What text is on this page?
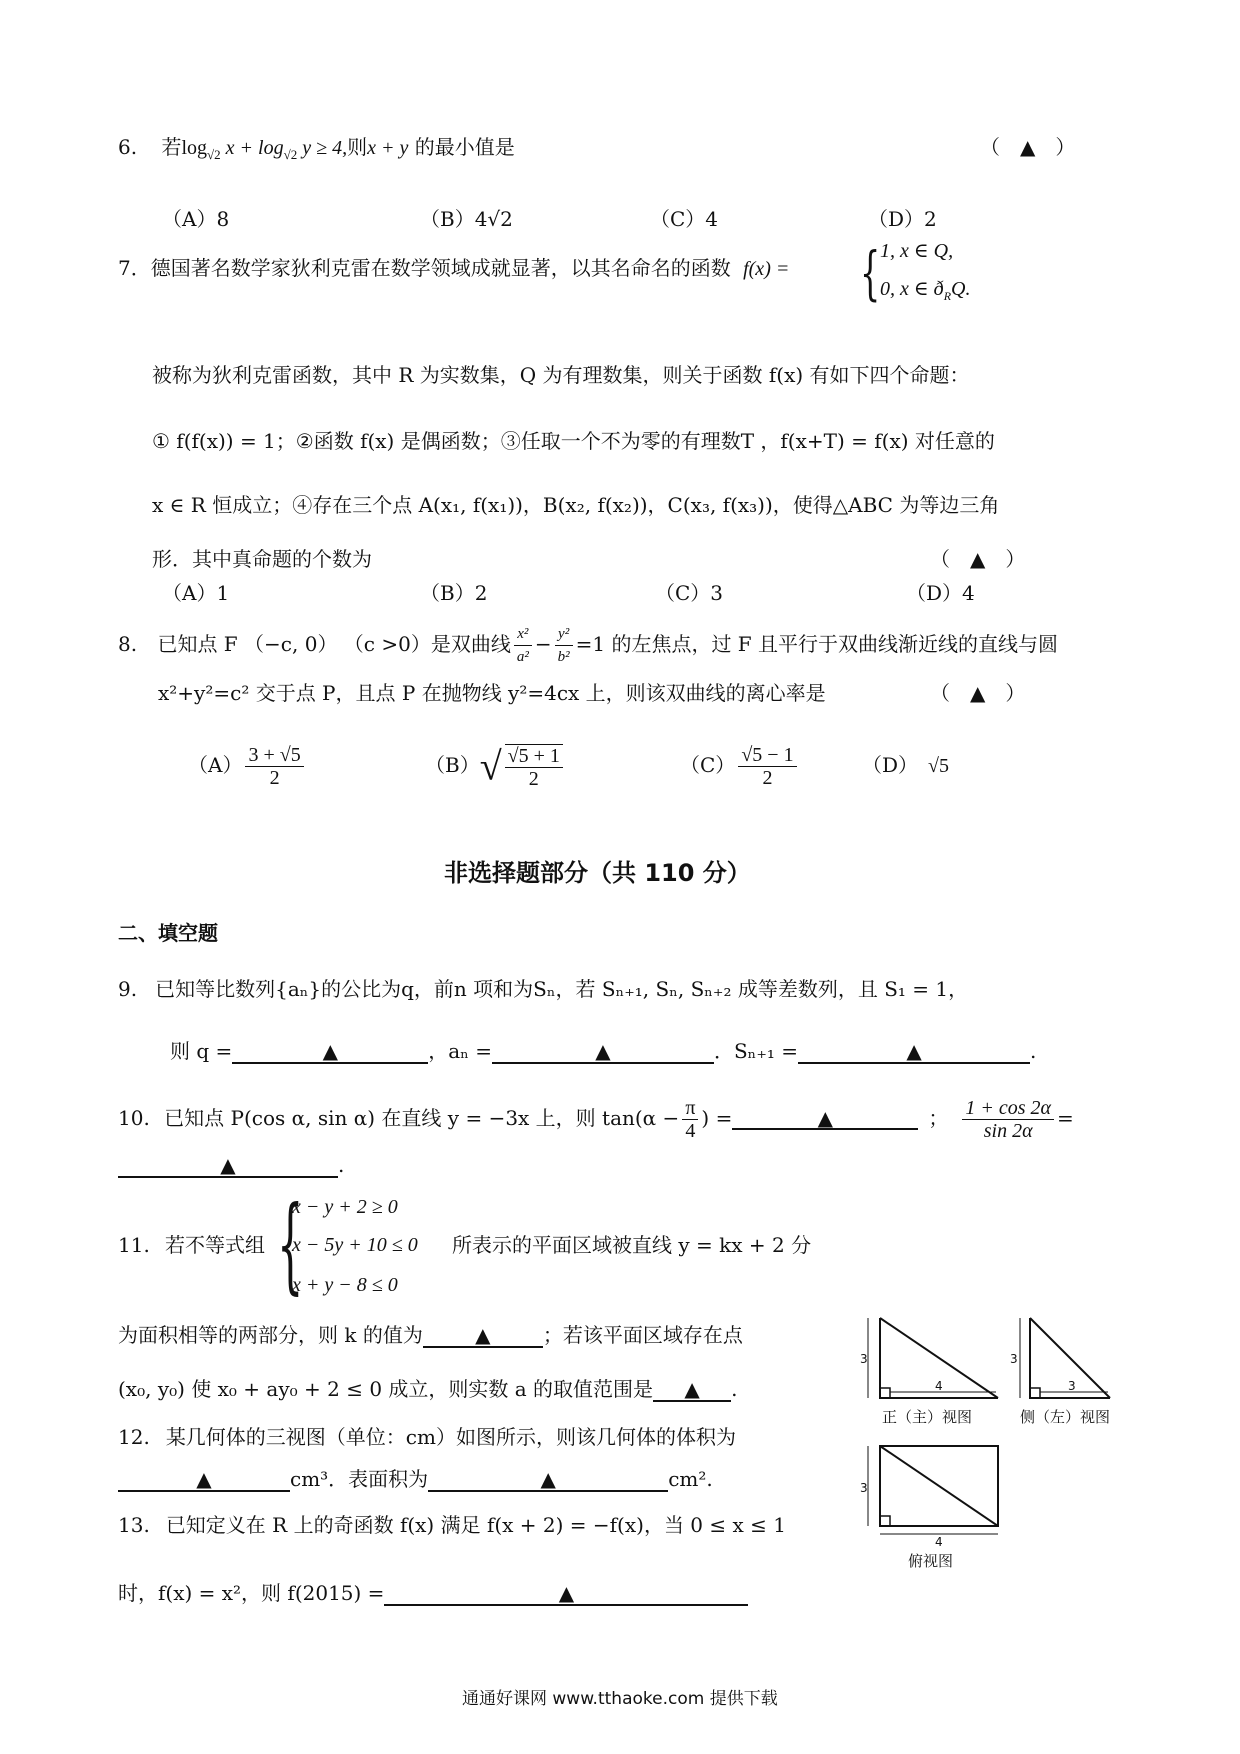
6. 若$\log_{√2} x + \log_{√2} y \ge 4$,则x + y 的最小值是	（　▲　）
（A）8	（B）4√2	（C）4	（D）2
7．德国著名数学家狄利克雷在数学领域成就显著，以其名命名的函数 f(x) = { 1, x ∈ Q,
0, x ∈ $ð_RQ$.
被称为狄利克雷函数，其中 R 为实数集，Q 为有理数集，则关于函数 f(x) 有如下四个命题：
① f(f(x)) = 1；②函数 f(x) 是偶函数；③任取一个不为零的有理数T ，f(x+T) = f(x) 对任意的
x ∈ R 恒成立；④存在三个点 A(x₁, f(x₁))，B(x₂, f(x₂))，C(x₃, f(x₃))，使得△ABC 为等边三角
形．其中真命题的个数为	（　▲　）
（A）1	（B）2	（C）3	（D）4
8. 已知点 F （−c, 0） （c >0）是双曲线 $\frac{\text{x²}}{\text{a²}} - \frac{\text{y²}}{\text{b²}} =1$ 的左焦点，过 F 且平行于双曲线渐近线的直线与圆
x²+y²=c² 交于点 P，且点 P 在抛物线 y²=4cx 上，则该双曲线的离心率是	（　▲　）
$(A) \frac{3 + √5}{2}$	$(B)√ \frac{√5 + 1}{2}$	$(C) \frac{√5 - 1}{2}$	（D） √5
非选择题部分（共 110 分）
二、填空题
9. 已知等比数列{aₙ}的公比为q，前n 项和为Sₙ，若 Sₙ₊₁, Sₙ, Sₙ₊₂ 成等差数列，且 S₁ = 1，
则 q =	▲	，aₙ =	▲	．Sₙ₊₁ =	▲	.
10. 已知点 P(cos α, sin α) 在直线 y = −3x 上，则 $\tan(\alpha - \frac{\pi}{4}$ ) =	▲	； $\frac{1 + \cos 2\alpha}{\sin 2\alpha}$ =
▲	.
11. 若不等式组 {
x − y + 2 ≥ 0
x − 5y + 10 ≤ 0
x + y − 8 ≤ 0
所表示的平面区域被直线 y = kx + 2 分
为面积相等的两部分，则 k 的值为	▲	；若该平面区域存在点
(x₀, y₀) 使 x₀ + ay₀ + 2 ≤ 0 成立，则实数 a 的取值范围是 ▲ .
12. 某几何体的三视图（单位：cm）如图所示，则该几何体的体积为
▲	cm³．表面积为	▲	cm².
13. 已知定义在 R 上的奇函数 f(x) 满足 f(x + 2) = −f(x)，当 0 ≤ x ≤ 1
时，f(x) = x²，则 f(2015) =	▲
3
4
正（主）视图
3
3
侧（左）视图
3
4
俯视图
通通好课网 www.tthaoke.com 提供下载
